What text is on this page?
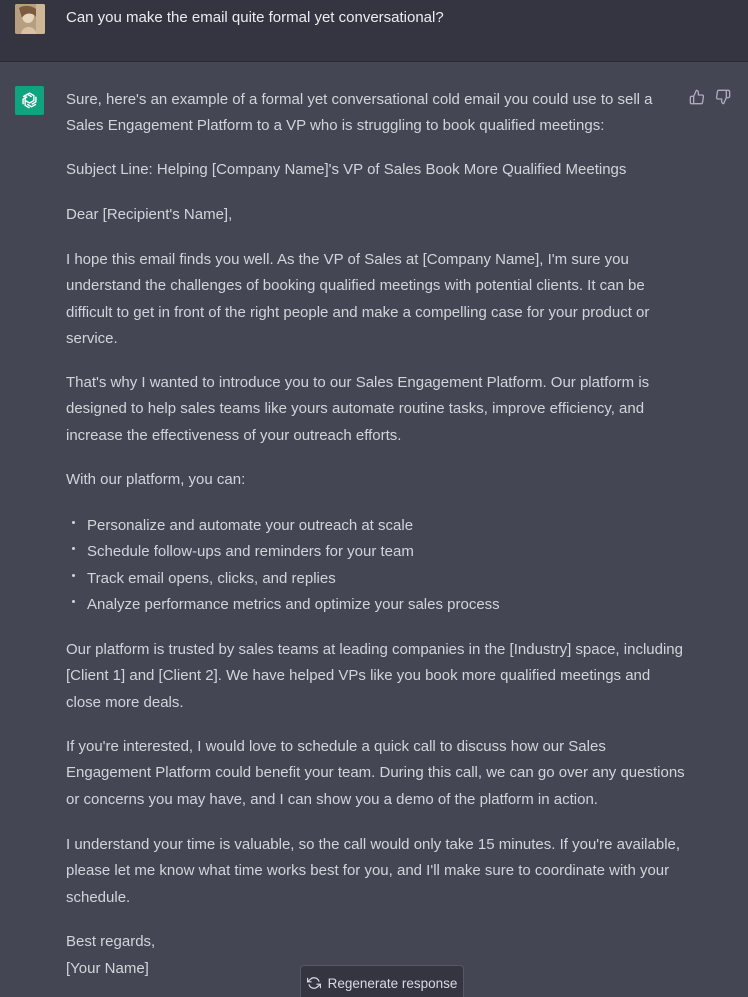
Can you make the email quite formal yet conversational?

Sure, here's an example of a formal yet conversational cold email you could use to sell a Sales Engagement Platform to a VP who is struggling to book qualified meetings:

Subject Line: Helping [Company Name]'s VP of Sales Book More Qualified Meetings

Dear [Recipient's Name],

I hope this email finds you well. As the VP of Sales at [Company Name], I'm sure you understand the challenges of booking qualified meetings with potential clients. It can be difficult to get in front of the right people and make a compelling case for your product or service.

That's why I wanted to introduce you to our Sales Engagement Platform. Our platform is designed to help sales teams like yours automate routine tasks, improve efficiency, and increase the effectiveness of your outreach efforts.

With our platform, you can:

Personalize and automate your outreach at scale
Schedule follow-ups and reminders for your team
Track email opens, clicks, and replies
Analyze performance metrics and optimize your sales process

Our platform is trusted by sales teams at leading companies in the [Industry] space, including [Client 1] and [Client 2]. We have helped VPs like you book more qualified meetings and close more deals.

If you're interested, I would love to schedule a quick call to discuss how our Sales Engagement Platform could benefit your team. During this call, we can go over any questions or concerns you may have, and I can show you a demo of the platform in action.

I understand your time is valuable, so the call would only take 15 minutes. If you're available, please let me know what time works best for you, and I'll make sure to coordinate with your schedule.

Best regards,

[Your Name]

Regenerate response
